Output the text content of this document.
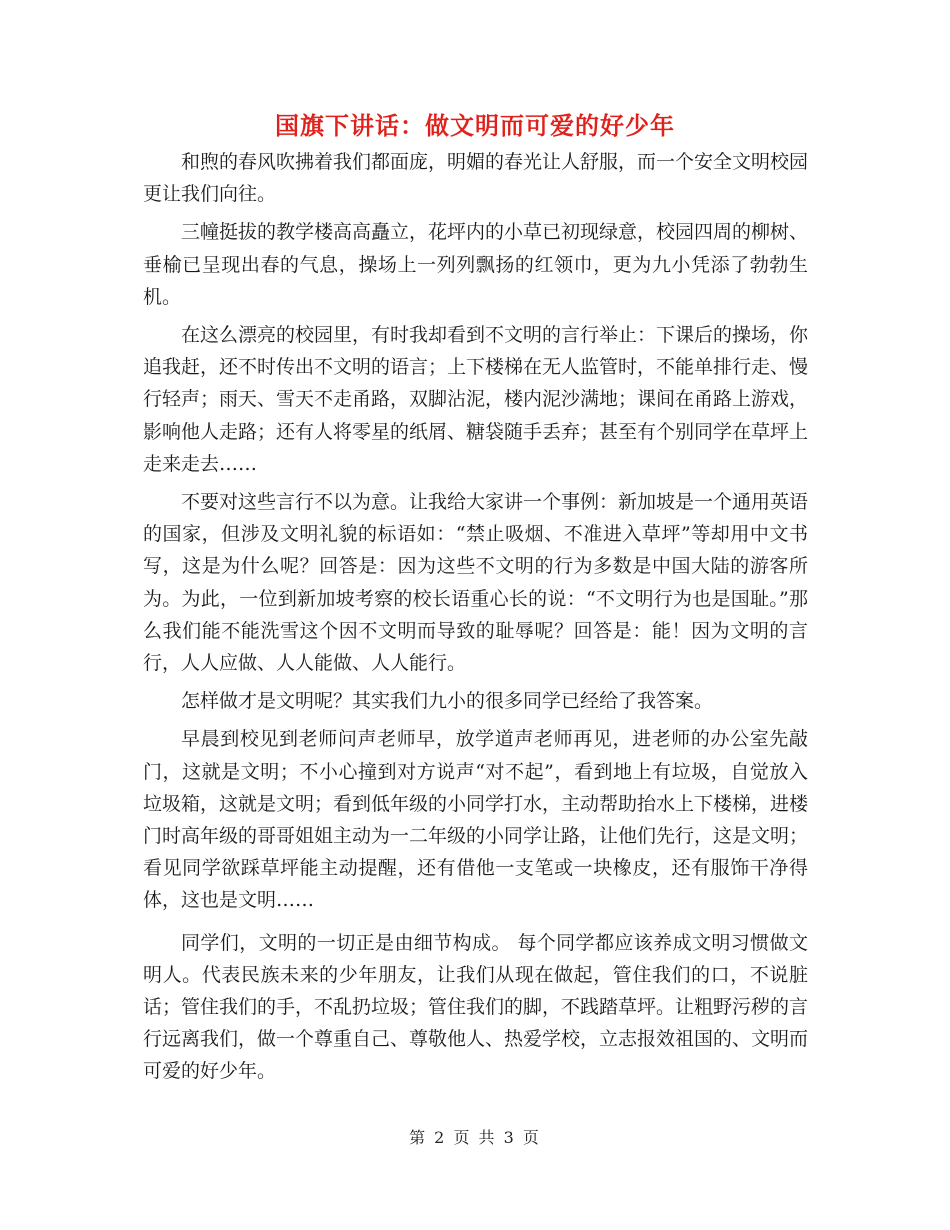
国旗下讲话：做文明而可爱的好少年

和煦的春风吹拂着我们都面庞，明媚的春光让人舒服，而一个安全文明校园更让我们向往。

三幢挺拔的教学楼高高矗立，花坪内的小草已初现绿意，校园四周的柳树、垂榆已呈现出春的气息，操场上一列列飘扬的红领巾，更为九小凭添了勃勃生机。

在这么漂亮的校园里，有时我却看到不文明的言行举止：下课后的操场，你追我赶，还不时传出不文明的语言；上下楼梯在无人监管时，不能单排行走、慢行轻声；雨天、雪天不走甬路，双脚沾泥，楼内泥沙满地；课间在甬路上游戏，影响他人走路；还有人将零星的纸屑、糖袋随手丢弃；甚至有个别同学在草坪上走来走去……

不要对这些言行不以为意。让我给大家讲一个事例：新加坡是一个通用英语的国家，但涉及文明礼貌的标语如：“禁止吸烟、不准进入草坪”等却用中文书写，这是为什么呢？回答是：因为这些不文明的行为多数是中国大陆的游客所为。为此，一位到新加坡考察的校长语重心长的说：“不文明行为也是国耻。”那么我们能不能洗雪这个因不文明而导致的耻辱呢？回答是：能！因为文明的言行，人人应做、人人能做、人人能行。

怎样做才是文明呢？其实我们九小的很多同学已经给了我答案。

早晨到校见到老师问声老师早，放学道声老师再见，进老师的办公室先敲门，这就是文明；不小心撞到对方说声“对不起”，看到地上有垃圾，自觉放入垃圾箱，这就是文明；看到低年级的小同学打水，主动帮助抬水上下楼梯，进楼门时高年级的哥哥姐姐主动为一二年级的小同学让路，让他们先行，这是文明；看见同学欲踩草坪能主动提醒，还有借他一支笔或一块橡皮，还有服饰干净得体，这也是文明……

同学们，文明的一切正是由细节构成。 每个同学都应该养成文明习惯做文明人。代表民族未来的少年朋友，让我们从现在做起，管住我们的口，不说脏话；管住我们的手，不乱扔垃圾；管住我们的脚，不践踏草坪。让粗野污秽的言行远离我们，做一个尊重自己、尊敬他人、热爱学校，立志报效祖国的、文明而可爱的好少年。

第 2 页 共 3 页
